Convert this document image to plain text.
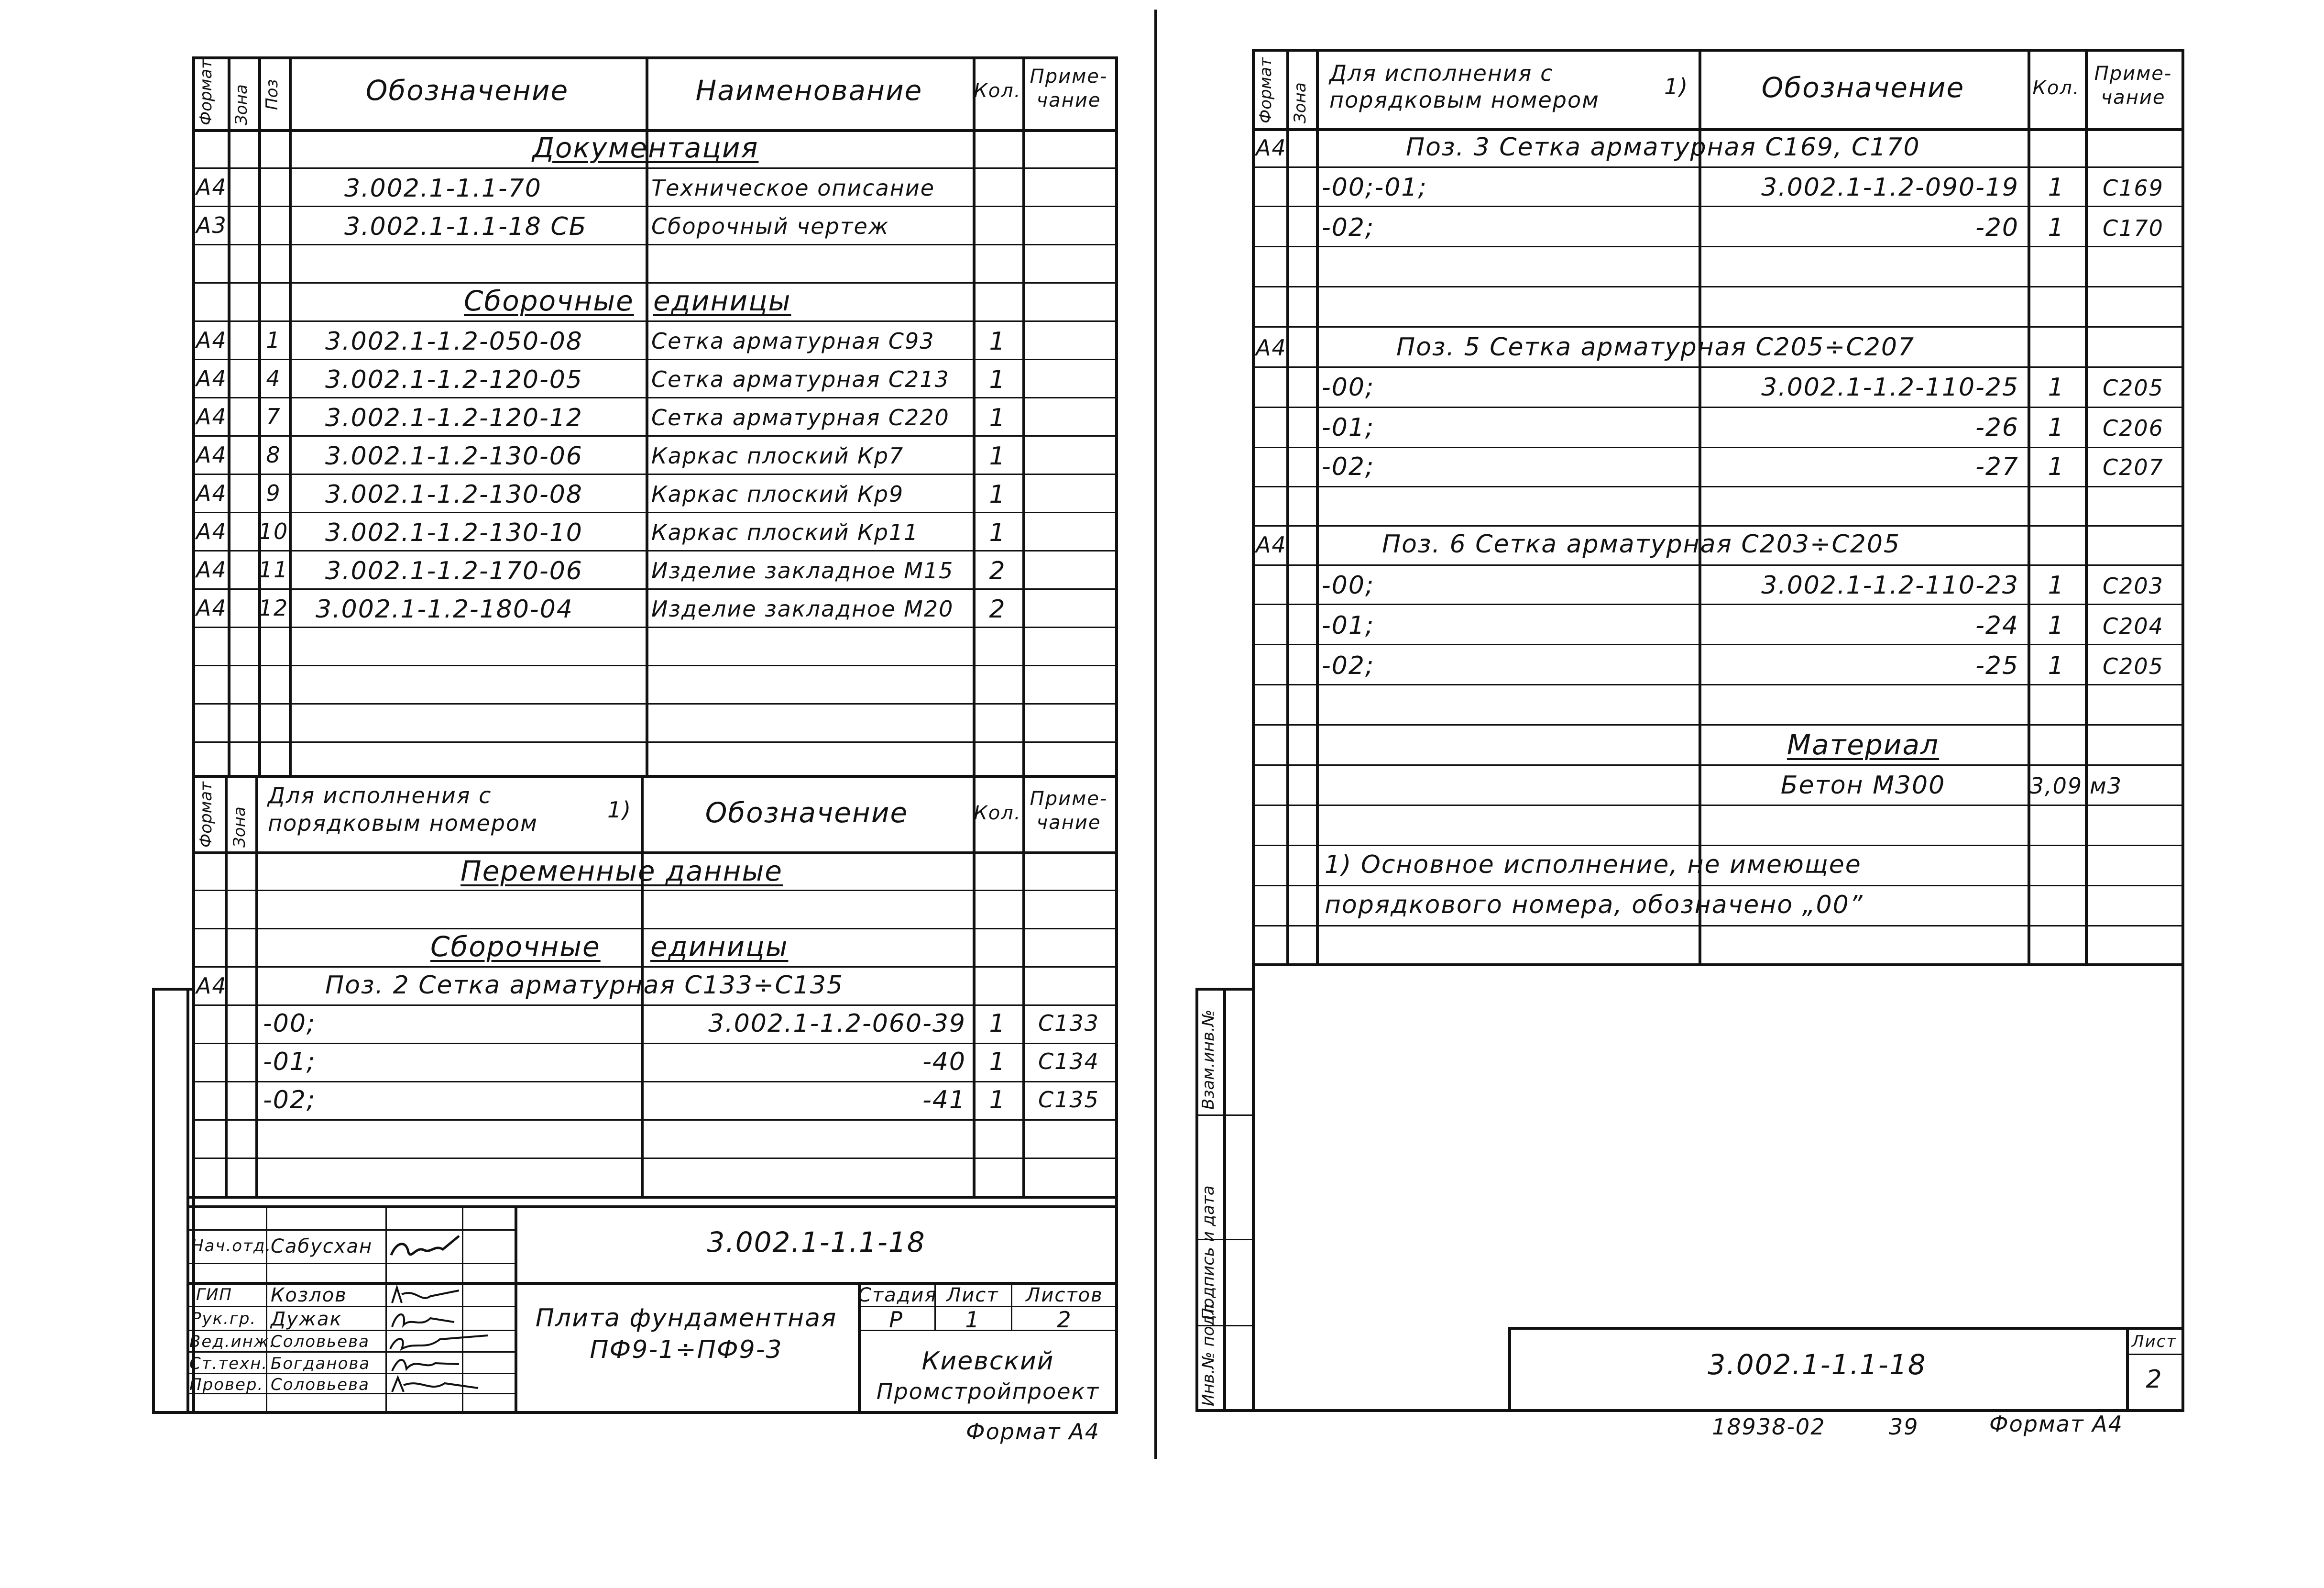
Формат Зона Поз	Обозначение	Наименование	Кол.
Приме-
чание
Документация
А4	3.002.1-1.1-70	Техническое описание
А3	3.002.1-1.1-18 СБ	Сборочный чертеж
Сборочные единицы
А4	1	3.002.1-1.2-050-08	Сетка арматурная С93	1
А4	4	3.002.1-1.2-120-05	Сетка арматурная С213	1
А4	7	3.002.1-1.2-120-12	Сетка арматурная С220	1
А4	8	3.002.1-1.2-130-06	Каркас плоский Кр7	1
А4	9	3.002.1-1.2-130-08	Каркас плоский Кр9	1
А4 10 3.002.1-1.2-130-10	Каркас плоский Кр11	1
А4 11 3.002.1-1.2-170-06	Изделие закладное М15	2
А4 12 3.002.1-1.2-180-04	Изделие закладное М20	2
Формат Зона
Для исполнения с
порядковым номером
1)	Обозначение	Кол.
Приме-
чание
Переменные данные
Сборочные единицы
А4	Поз. 2 Сетка арматурная С133÷С135
-00;	3.002.1-1.2-060-39 1	С133
-01;	-40 1	С134
-02;	-41 1	С135
3.002.1-1.1-18
Нач.отд.
ГИП
Рук.гр.
Вед.инж.
Ст.техн.
Провер.
Сабусхан
Козлов
Дужак
Соловьева
Богданова
Соловьева
Плита фундаментная
ПФ9-1÷ПФ9-3
Стадия Лист	Листов
Р	1	2
Киевский
Промстройпроект
Формат А4
Инв.№ подл.
Подпись и дата
Взам.инв.№
Формат Зона
Для исполнения с
порядковым номером
1)	Обозначение	Кол.
Приме-
чание
А4	Поз. 3 Сетка арматурная С169, С170
-00;-01;	3.002.1-1.2-090-19	1	С169
-02;	-20	1	С170
А4	Поз. 5 Сетка арматурная С205÷С207
-00;	3.002.1-1.2-110-25	1	С205
-01;	-26	1	С206
-02;	-27	1	С207
А4	Поз. 6 Сетка арматурная С203÷С205
-00;	3.002.1-1.2-110-23	1	С203
-01;	-24	1	С204
-02;	-25	1	С205
Материал
Бетон М300	3,09 м3
1) Основное исполнение, не имеющее
порядкового номера, обозначено „00”
3.002.1-1.1-18
Лист
2
18938-02	39	Формат А4
